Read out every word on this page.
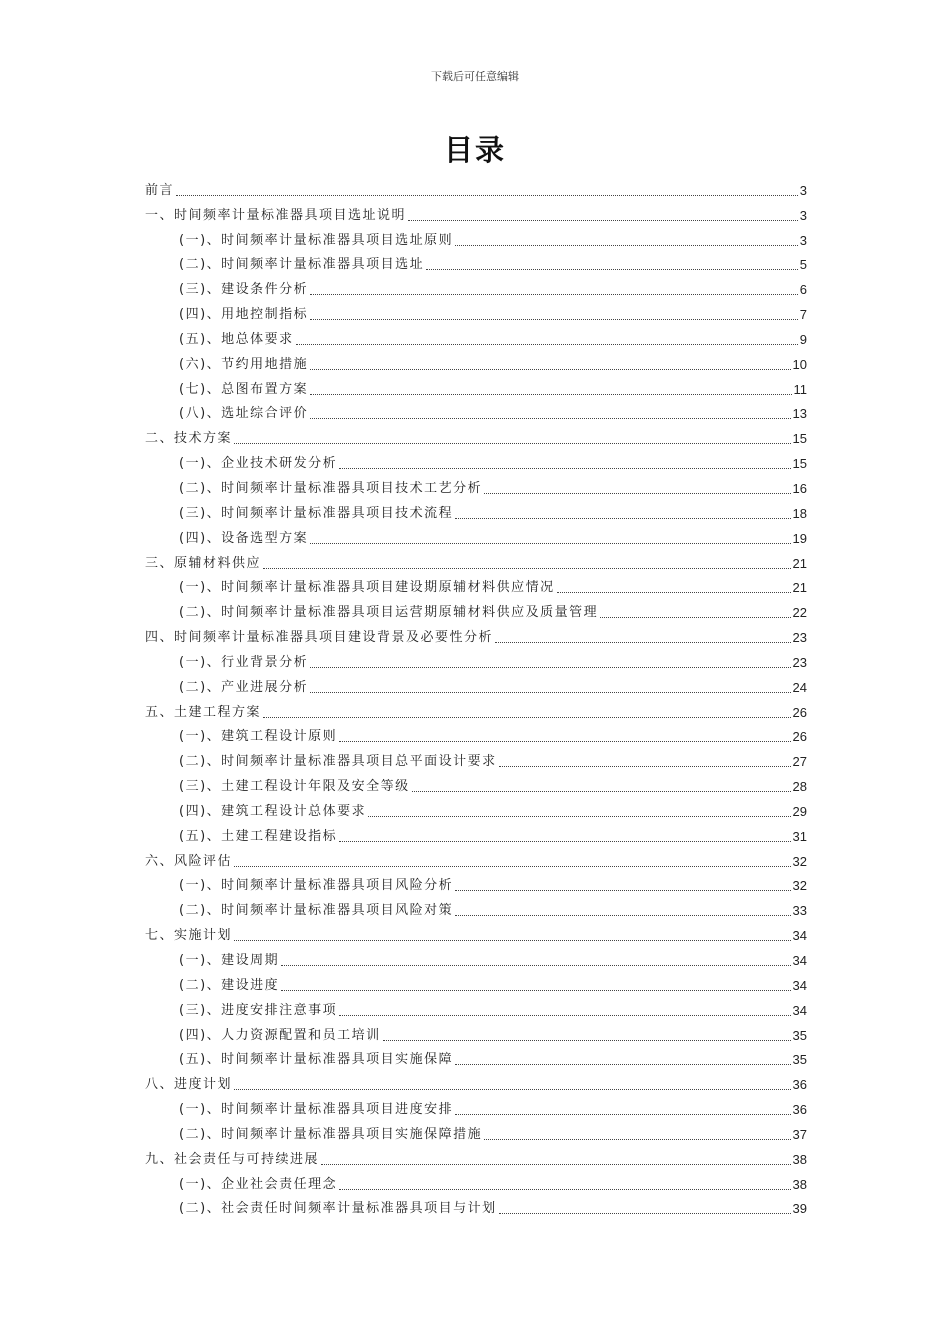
下载后可任意编辑
目录
前言	3
一、时间频率计量标准器具项目选址说明	3
(一)、时间频率计量标准器具项目选址原则	3
(二)、时间频率计量标准器具项目选址	5
(三)、建设条件分析	6
(四)、用地控制指标	7
(五)、地总体要求	9
(六)、节约用地措施	10
(七)、总图布置方案	11
(八)、选址综合评价	13
二、技术方案	15
(一)、企业技术研发分析	15
(二)、时间频率计量标准器具项目技术工艺分析	16
(三)、时间频率计量标准器具项目技术流程	18
(四)、设备选型方案	19
三、原辅材料供应	21
(一)、时间频率计量标准器具项目建设期原辅材料供应情况	21
(二)、时间频率计量标准器具项目运营期原辅材料供应及质量管理	22
四、时间频率计量标准器具项目建设背景及必要性分析	23
(一)、行业背景分析	23
(二)、产业进展分析	24
五、土建工程方案	26
(一)、建筑工程设计原则	26
(二)、时间频率计量标准器具项目总平面设计要求	27
(三)、土建工程设计年限及安全等级	28
(四)、建筑工程设计总体要求	29
(五)、土建工程建设指标	31
六、风险评估	32
(一)、时间频率计量标准器具项目风险分析	32
(二)、时间频率计量标准器具项目风险对策	33
七、实施计划	34
(一)、建设周期	34
(二)、建设进度	34
(三)、进度安排注意事项	34
(四)、人力资源配置和员工培训	35
(五)、时间频率计量标准器具项目实施保障	35
八、进度计划	36
(一)、时间频率计量标准器具项目进度安排	36
(二)、时间频率计量标准器具项目实施保障措施	37
九、社会责任与可持续进展	38
(一)、企业社会责任理念	38
(二)、社会责任时间频率计量标准器具项目与计划	39
